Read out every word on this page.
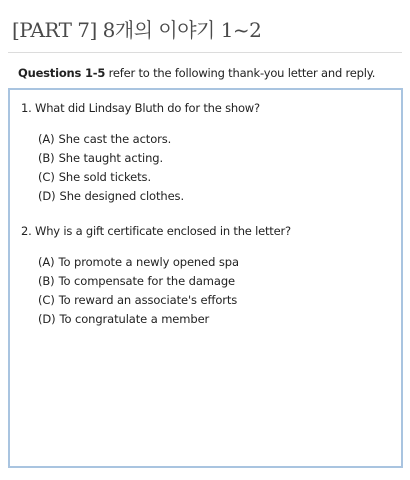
[PART 7] 8개의 이야기 1~2
Questions 1-5 refer to the following thank-you letter and reply.
1. What did Lindsay Bluth do for the show?
(A) She cast the actors.
(B) She taught acting.
(C) She sold tickets.
(D) She designed clothes.
2. Why is a gift certificate enclosed in the letter?
(A) To promote a newly opened spa
(B) To compensate for the damage
(C) To reward an associate's efforts
(D) To congratulate a member
